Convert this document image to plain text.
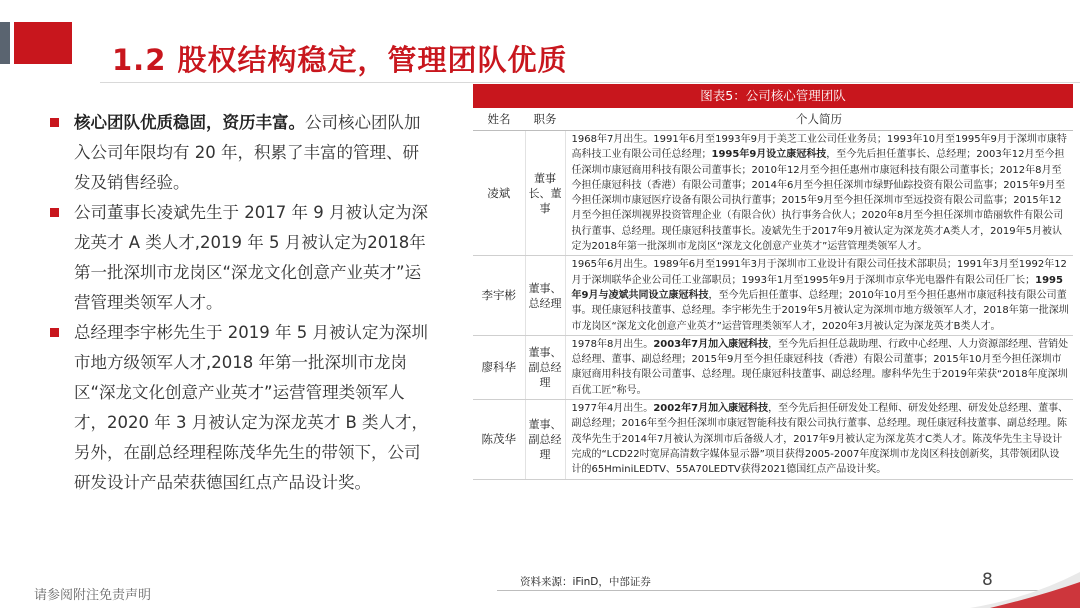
1.2 股权结构稳定，管理团队优质
核心团队优质稳固，资历丰富。公司核心团队加入公司年限均有 20 年，积累了丰富的管理、研发及销售经验。
公司董事长凌斌先生于 2017 年 9 月被认定为深龙英才 A 类人才,2019 年 5 月被认定为2018年第一批深圳市龙岗区“深龙文化创意产业英才”运营管理类领军人才。
总经理李宇彬先生于 2019 年 5 月被认定为深圳市地方级领军人才,2018 年第一批深圳市龙岗区“深龙文化创意产业英才”运营管理类领军人才，2020 年 3 月被认定为深龙英才 B 类人才，另外，在副总经理程陈茂华先生的带领下，公司研发设计产品荣获德国红点产品设计奖。
图表5：公司核心管理团队
姓名	职务	个人简历
凌斌	董事长、董事	1968年7月出生。1991年6月至1993年9月于美芝工业公司任业务员；1993年10月至1995年9月于深圳市康特高科技工业有限公司任总经理；1995年9月设立康冠科技，至今先后担任董事长、总经理；2003年12月至今担任深圳市康冠商用科技有限公司董事长；2010年12月至今担任惠州市康冠科技有限公司董事长；2012年8月至今担任康冠科技（香港）有限公司董事；2014年6月至今担任深圳市绿野仙踪投资有限公司监事；2015年9月至今担任深圳市康冠医疗设备有限公司执行董事；2015年9月至今担任深圳市至远投资有限公司监事；2015年12月至今担任深圳视界投资管理企业（有限合伙）执行事务合伙人；2020年8月至今担任深圳市皓丽软件有限公司执行董事、总经理。现任康冠科技董事长。凌斌先生于2017年9月被认定为深龙英才A类人才，2019年5月被认定为2018年第一批深圳市龙岗区“深龙文化创意产业英才”运营管理类领军人才。
李宇彬	董事、总经理	1965年6月出生。1989年6月至1991年3月于深圳市工业设计有限公司任技术部职员；1991年3月至1992年12月于深圳联华企业公司任工业部职员；1993年1月至1995年9月于深圳市京华光电器件有限公司任厂长；1995年9月与凌斌共同设立康冠科技，至今先后担任董事、总经理；2010年10月至今担任惠州市康冠科技有限公司董事。现任康冠科技董事、总经理。李宇彬先生于2019年5月被认定为深圳市地方级领军人才，2018年第一批深圳市龙岗区“深龙文化创意产业英才”运营管理类领军人才，2020年3月被认定为深龙英才B类人才。
廖科华	董事、副总经理	1978年8月出生。2003年7月加入康冠科技，至今先后担任总裁助理、行政中心经理、人力资源部经理、营销处总经理、董事、副总经理；2015年9月至今担任康冠科技（香港）有限公司董事；2015年10月至今担任深圳市康冠商用科技有限公司董事、总经理。现任康冠科技董事、副总经理。廖科华先生于2019年荣获“2018年度深圳百优工匠”称号。
陈茂华	董事、副总经理	1977年4月出生。2002年7月加入康冠科技，至今先后担任研发处工程师、研发处经理、研发处总经理、董事、副总经理；2016年至今担任深圳市康冠智能科技有限公司执行董事、总经理。现任康冠科技董事、副总经理。陈茂华先生于2014年7月被认为深圳市后备级人才，2017年9月被认定为深龙英才C类人才。陈茂华先生主导设计完成的“LCD22吋宽屏高清数字媒体显示器”项目获得2005-2007年度深圳市龙岗区科技创新奖，其带领团队设计的65HminiLEDTV、55A70LEDTV获得2021德国红点产品设计奖。
资料来源：iFinD，中部证券	8
请参阅附注免责声明
